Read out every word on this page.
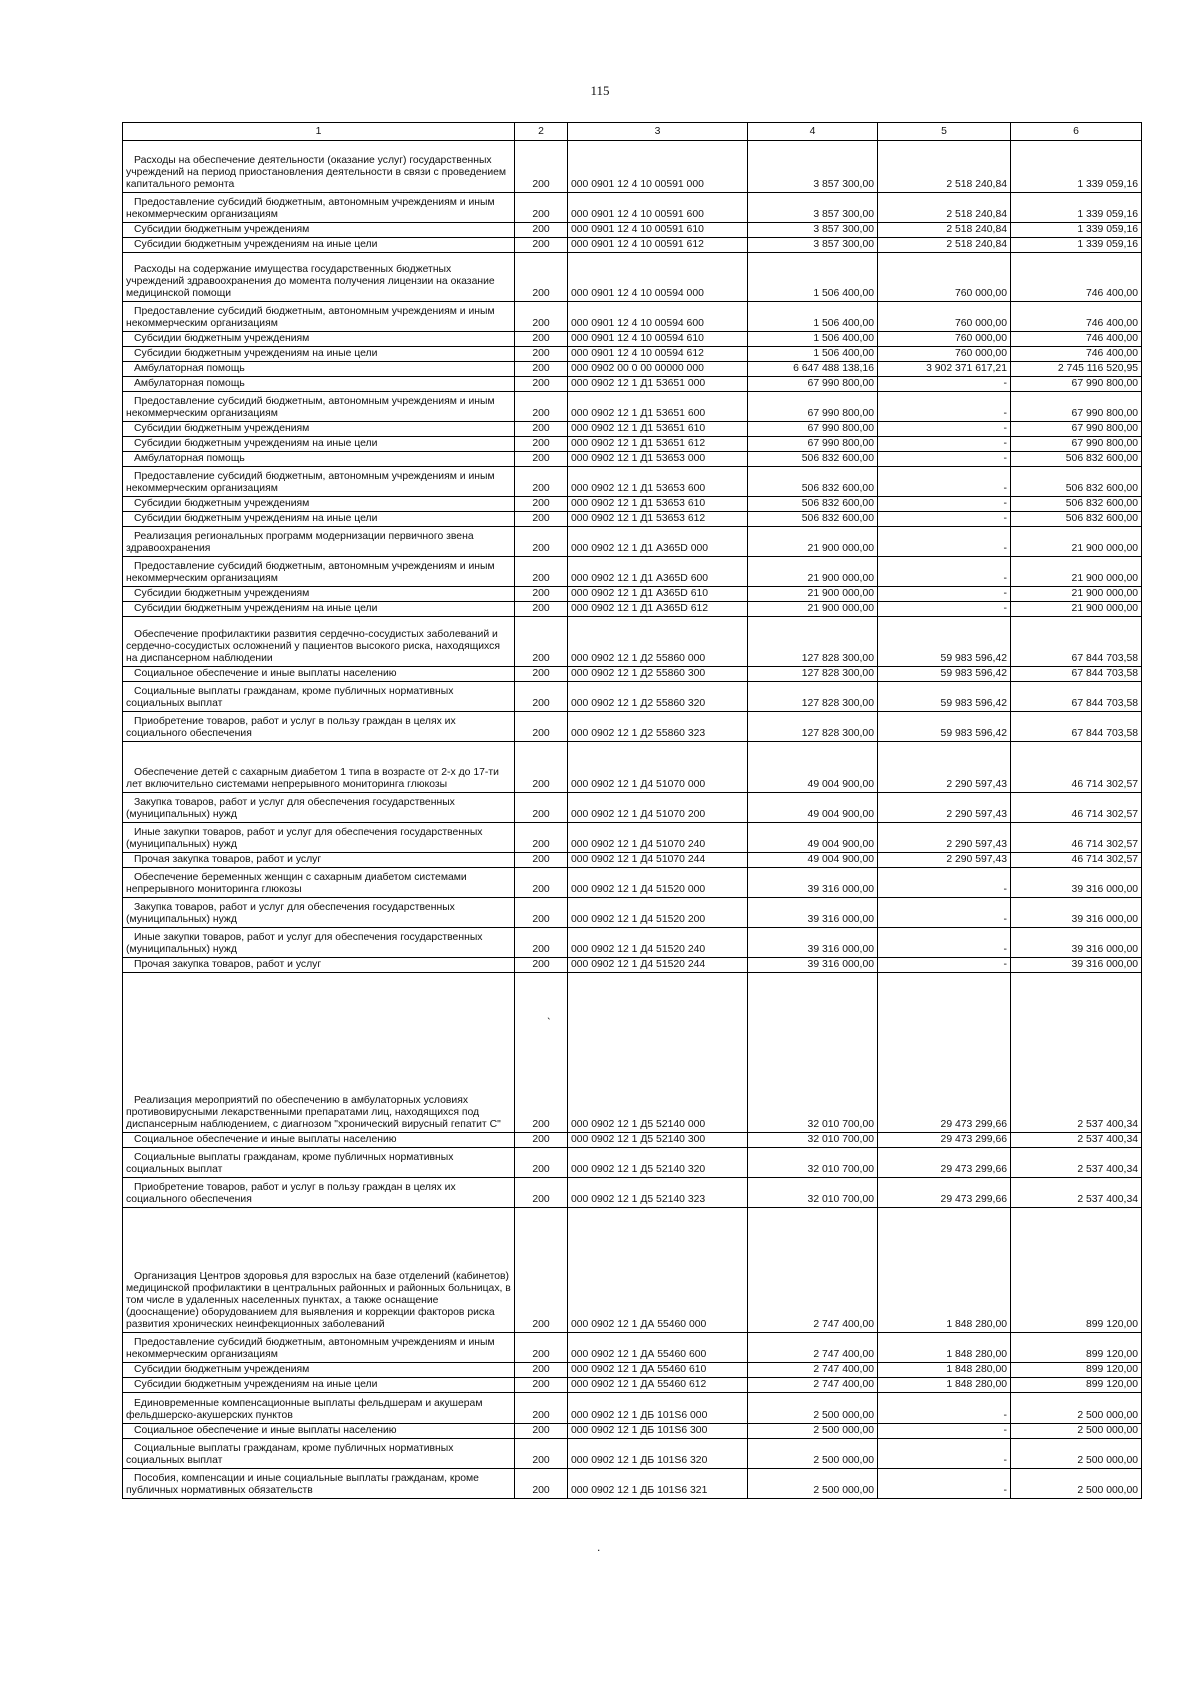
115
1	2	3	4	5	6
Расходы на обеспечение деятельности (оказание услуг) государственных учреждений на период приостановления деятельности в связи с проведением капитального ремонта	200	000 0901 12 4 10 00591 000	3 857 300,00	2 518 240,84	1 339 059,16
Предоставление субсидий бюджетным, автономным учреждениям и иным некоммерческим организациям	200	000 0901 12 4 10 00591 600	3 857 300,00	2 518 240,84	1 339 059,16
Субсидии бюджетным учреждениям	200	000 0901 12 4 10 00591 610	3 857 300,00	2 518 240,84	1 339 059,16
Субсидии бюджетным учреждениям на иные цели	200	000 0901 12 4 10 00591 612	3 857 300,00	2 518 240,84	1 339 059,16
Расходы на содержание имущества государственных бюджетных учреждений здравоохранения до момента получения лицензии на оказание медицинской помощи	200	000 0901 12 4 10 00594 000	1 506 400,00	760 000,00	746 400,00
Предоставление субсидий бюджетным, автономным учреждениям и иным некоммерческим организациям	200	000 0901 12 4 10 00594 600	1 506 400,00	760 000,00	746 400,00
Субсидии бюджетным учреждениям	200	000 0901 12 4 10 00594 610	1 506 400,00	760 000,00	746 400,00
Субсидии бюджетным учреждениям на иные цели	200	000 0901 12 4 10 00594 612	1 506 400,00	760 000,00	746 400,00
Амбулаторная помощь	200	000 0902 00 0 00 00000 000	6 647 488 138,16	3 902 371 617,21	2 745 116 520,95
Амбулаторная помощь	200	000 0902 12 1 Д1 53651 000	67 990 800,00	-	67 990 800,00
Предоставление субсидий бюджетным, автономным учреждениям и иным некоммерческим организациям	200	000 0902 12 1 Д1 53651 600	67 990 800,00	-	67 990 800,00
Субсидии бюджетным учреждениям	200	000 0902 12 1 Д1 53651 610	67 990 800,00	-	67 990 800,00
Субсидии бюджетным учреждениям на иные цели	200	000 0902 12 1 Д1 53651 612	67 990 800,00	-	67 990 800,00
Амбулаторная помощь	200	000 0902 12 1 Д1 53653 000	506 832 600,00	-	506 832 600,00
Предоставление субсидий бюджетным, автономным учреждениям и иным некоммерческим организациям	200	000 0902 12 1 Д1 53653 600	506 832 600,00	-	506 832 600,00
Субсидии бюджетным учреждениям	200	000 0902 12 1 Д1 53653 610	506 832 600,00	-	506 832 600,00
Субсидии бюджетным учреждениям на иные цели	200	000 0902 12 1 Д1 53653 612	506 832 600,00	-	506 832 600,00
Реализация региональных программ модернизации первичного звена здравоохранения	200	000 0902 12 1 Д1 А365D 000	21 900 000,00	-	21 900 000,00
Предоставление субсидий бюджетным, автономным учреждениям и иным некоммерческим организациям	200	000 0902 12 1 Д1 А365D 600	21 900 000,00	-	21 900 000,00
Субсидии бюджетным учреждениям	200	000 0902 12 1 Д1 А365D 610	21 900 000,00	-	21 900 000,00
Субсидии бюджетным учреждениям на иные цели	200	000 0902 12 1 Д1 А365D 612	21 900 000,00	-	21 900 000,00
Обеспечение профилактики развития сердечно-сосудистых заболеваний и сердечно-сосудистых осложнений у пациентов высокого риска, находящихся на диспансерном наблюдении	200	000 0902 12 1 Д2 55860 000	127 828 300,00	59 983 596,42	67 844 703,58
Социальное обеспечение и иные выплаты населению	200	000 0902 12 1 Д2 55860 300	127 828 300,00	59 983 596,42	67 844 703,58
Социальные выплаты гражданам, кроме публичных нормативных социальных выплат	200	000 0902 12 1 Д2 55860 320	127 828 300,00	59 983 596,42	67 844 703,58
Приобретение товаров, работ и услуг в пользу граждан в целях их социального обеспечения	200	000 0902 12 1 Д2 55860 323	127 828 300,00	59 983 596,42	67 844 703,58
Обеспечение детей с сахарным диабетом 1 типа в возрасте от 2-х до 17-ти лет включительно системами непрерывного мониторинга глюкозы	200	000 0902 12 1 Д4 51070 000	49 004 900,00	2 290 597,43	46 714 302,57
Закупка товаров, работ и услуг для обеспечения государственных (муниципальных) нужд	200	000 0902 12 1 Д4 51070 200	49 004 900,00	2 290 597,43	46 714 302,57
Иные закупки товаров, работ и услуг для обеспечения государственных (муниципальных) нужд	200	000 0902 12 1 Д4 51070 240	49 004 900,00	2 290 597,43	46 714 302,57
Прочая закупка товаров, работ и услуг	200	000 0902 12 1 Д4 51070 244	49 004 900,00	2 290 597,43	46 714 302,57
Обеспечение беременных женщин с сахарным диабетом системами непрерывного мониторинга глюкозы	200	000 0902 12 1 Д4 51520 000	39 316 000,00	-	39 316 000,00
Закупка товаров, работ и услуг для обеспечения государственных (муниципальных) нужд	200	000 0902 12 1 Д4 51520 200	39 316 000,00	-	39 316 000,00
Иные закупки товаров, работ и услуг для обеспечения государственных (муниципальных) нужд	200	000 0902 12 1 Д4 51520 240	39 316 000,00	-	39 316 000,00
Прочая закупка товаров, работ и услуг	200	000 0902 12 1 Д4 51520 244	39 316 000,00	-	39 316 000,00
Реализация мероприятий по обеспечению в амбулаторных условиях противовирусными лекарственными препаратами лиц, находящихся под диспансерным наблюдением, с диагнозом "хронический вирусный гепатит С"	200	000 0902 12 1 Д5 52140 000	32 010 700,00	29 473 299,66	2 537 400,34
Социальное обеспечение и иные выплаты населению	200	000 0902 12 1 Д5 52140 300	32 010 700,00	29 473 299,66	2 537 400,34
Социальные выплаты гражданам, кроме публичных нормативных социальных выплат	200	000 0902 12 1 Д5 52140 320	32 010 700,00	29 473 299,66	2 537 400,34
Приобретение товаров, работ и услуг в пользу граждан в целях их социального обеспечения	200	000 0902 12 1 Д5 52140 323	32 010 700,00	29 473 299,66	2 537 400,34
Организация Центров здоровья для взрослых на базе отделений (кабинетов) медицинской профилактики в центральных районных и районных больницах, в том числе в удаленных населенных пунктах, а также оснащение (дооснащение) оборудованием для выявления и коррекции факторов риска развития хронических неинфекционных заболеваний	200	000 0902 12 1 ДА 55460 000	2 747 400,00	1 848 280,00	899 120,00
Предоставление субсидий бюджетным, автономным учреждениям и иным некоммерческим организациям	200	000 0902 12 1 ДА 55460 600	2 747 400,00	1 848 280,00	899 120,00
Субсидии бюджетным учреждениям	200	000 0902 12 1 ДА 55460 610	2 747 400,00	1 848 280,00	899 120,00
Субсидии бюджетным учреждениям на иные цели	200	000 0902 12 1 ДА 55460 612	2 747 400,00	1 848 280,00	899 120,00
Единовременные компенсационные выплаты фельдшерам и акушерам фельдшерско-акушерских пунктов	200	000 0902 12 1 ДБ 101S6 000	2 500 000,00	-	2 500 000,00
Социальное обеспечение и иные выплаты населению	200	000 0902 12 1 ДБ 101S6 300	2 500 000,00	-	2 500 000,00
Социальные выплаты гражданам, кроме публичных нормативных социальных выплат	200	000 0902 12 1 ДБ 101S6 320	2 500 000,00	-	2 500 000,00
Пособия, компенсации и иные социальные выплаты гражданам, кроме публичных нормативных обязательств	200	000 0902 12 1 ДБ 101S6 321	2 500 000,00	-	2 500 000,00
ˎ
.
